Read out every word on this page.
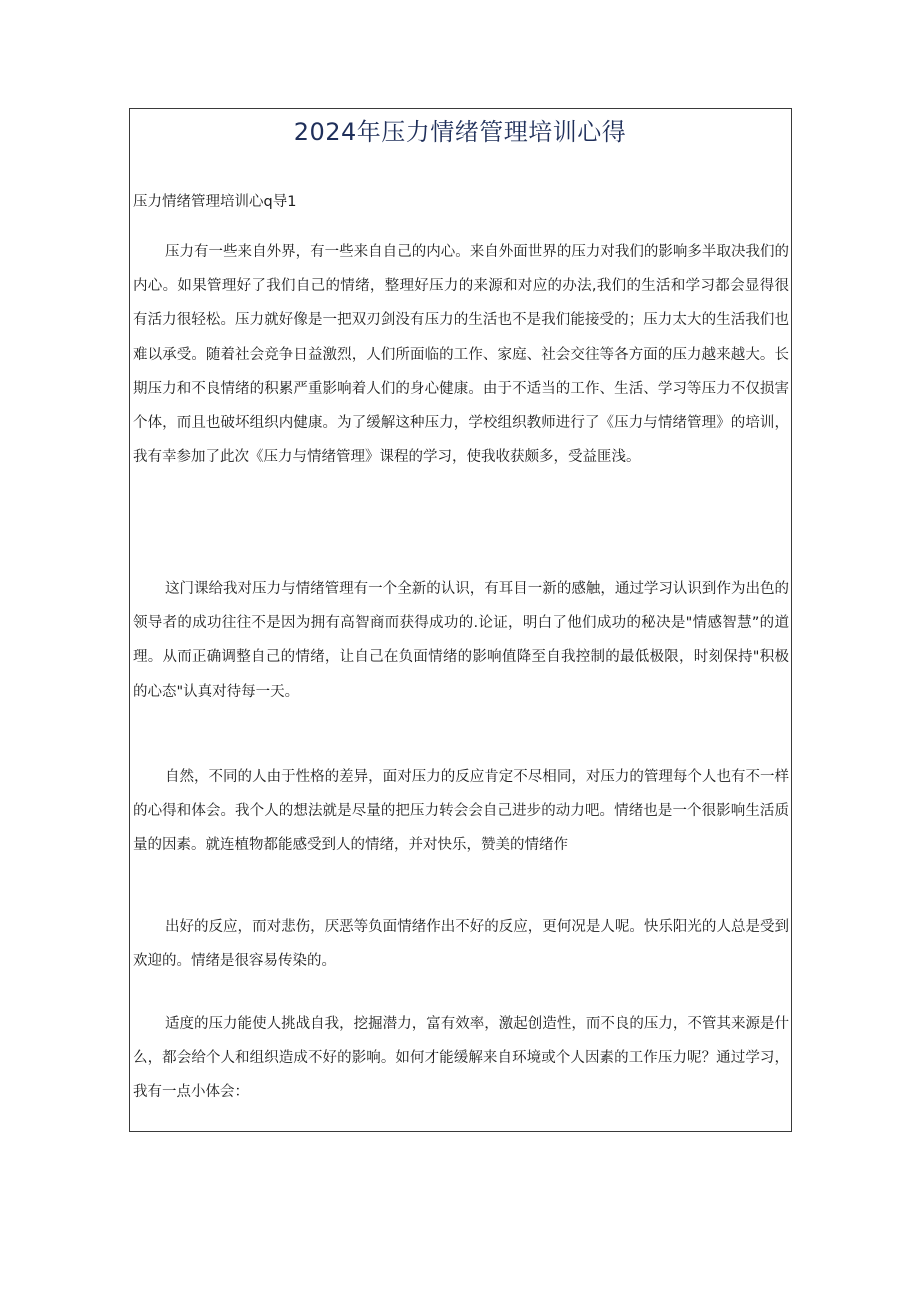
2024年压力情绪管理培训心得
压力情绪管理培训心q导1

压力有一些来自外界，有一些来自自己的内心。来自外面世界的压力对我们的影响多半取决我们的内心。如果管理好了我们自己的情绪，整理好压力的来源和对应的办法,我们的生活和学习都会显得很有活力很轻松。压力就好像是一把双刃剑没有压力的生活也不是我们能接受的；压力太大的生活我们也难以承受。随着社会竞争日益激烈，人们所面临的工作、家庭、社会交往等各方面的压力越来越大。长期压力和不良情绪的积累严重影响着人们的身心健康。由于不适当的工作、生活、学习等压力不仅损害个体，而且也破坏组织内健康。为了缓解这种压力，学校组织教师进行了《压力与情绪管理》的培训，我有幸参加了此次《压力与情绪管理》课程的学习，使我收获颇多，受益匪浅。

这门课给我对压力与情绪管理有一个全新的认识，有耳目一新的感触，通过学习认识到作为出色的领导者的成功往往不是因为拥有高智商而获得成功的.论证，明白了他们成功的秘决是"情感智慧”的道理。从而正确调整自己的情绪，让自己在负面情绪的影响值降至自我控制的最低极限，时刻保持"积极的心态"认真对待每一天。

自然，不同的人由于性格的差异，面对压力的反应肯定不尽相同，对压力的管理每个人也有不一样的心得和体会。我个人的想法就是尽量的把压力转会会自己进步的动力吧。情绪也是一个很影响生活质量的因素。就连植物都能感受到人的情绪，并对快乐，赞美的情绪作

出好的反应，而对悲伤，厌恶等负面情绪作出不好的反应，更何况是人呢。快乐阳光的人总是受到欢迎的。情绪是很容易传染的。

适度的压力能使人挑战自我，挖掘潜力，富有效率，激起创造性，而不良的压力，不管其来源是什么，都会给个人和组织造成不好的影响。如何才能缓解来自环境或个人因素的工作压力呢？通过学习，我有一点小体会：
